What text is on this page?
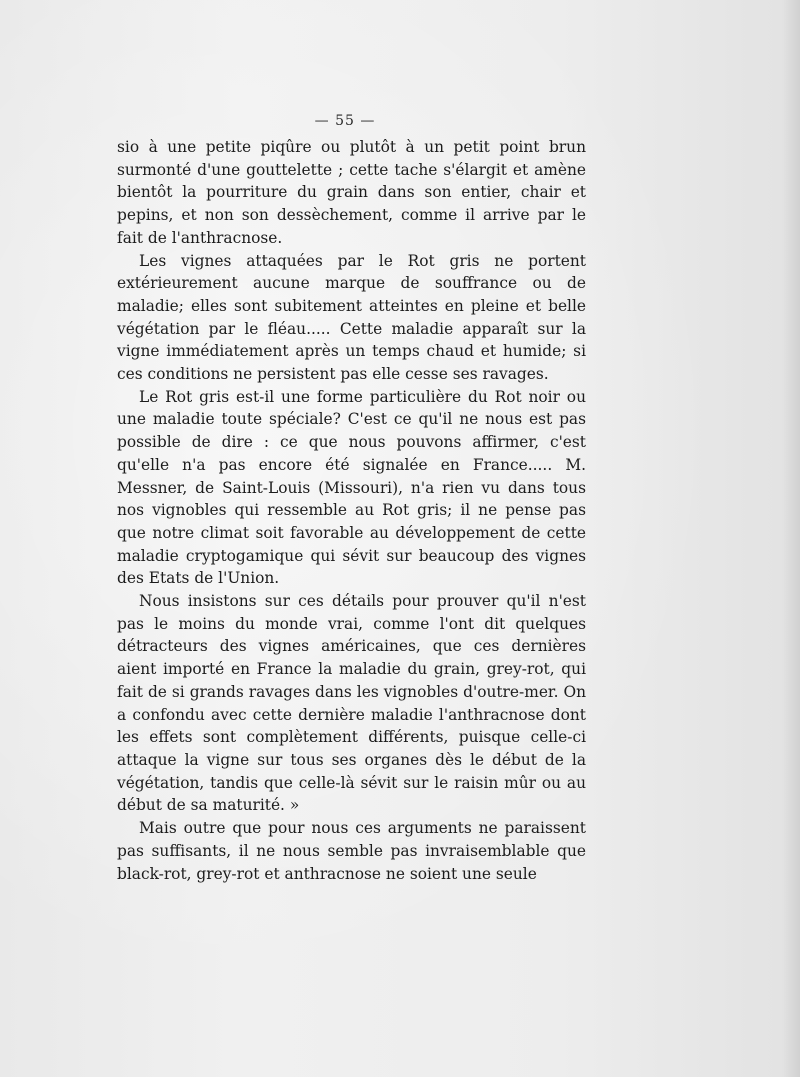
— 55 —

sio à une petite piqûre ou plutôt à un petit point brun surmonté d'une gouttelette ; cette tache s'élargit et amène bientôt la pourriture du grain dans son entier, chair et pepins, et non son dessèchement, comme il arrive par le fait de l'anthracnose.

Les vignes attaquées par le Rot gris ne portent extérieurement aucune marque de souffrance ou de maladie; elles sont subitement atteintes en pleine et belle végétation par le fléau..... Cette maladie apparaît sur la vigne immédiatement après un temps chaud et humide; si ces conditions ne persistent pas elle cesse ses ravages.

Le Rot gris est-il une forme particulière du Rot noir ou une maladie toute spéciale? C'est ce qu'il ne nous est pas possible de dire : ce que nous pouvons affirmer, c'est qu'elle n'a pas encore été signalée en France..... M. Messner, de Saint-Louis (Missouri), n'a rien vu dans tous nos vignobles qui ressemble au Rot gris; il ne pense pas que notre climat soit favorable au développement de cette maladie cryptogamique qui sévit sur beaucoup des vignes des Etats de l'Union.

Nous insistons sur ces détails pour prouver qu'il n'est pas le moins du monde vrai, comme l'ont dit quelques détracteurs des vignes américaines, que ces dernières aient importé en France la maladie du grain, grey-rot, qui fait de si grands ravages dans les vignobles d'outre-mer. On a confondu avec cette dernière maladie l'anthracnose dont les effets sont complètement différents, puisque celle-ci attaque la vigne sur tous ses organes dès le début de la végétation, tandis que celle-là sévit sur le raisin mûr ou au début de sa maturité. »

Mais outre que pour nous ces arguments ne paraissent pas suffisants, il ne nous semble pas invraisemblable que black-rot, grey-rot et anthracnose ne soient une seule
